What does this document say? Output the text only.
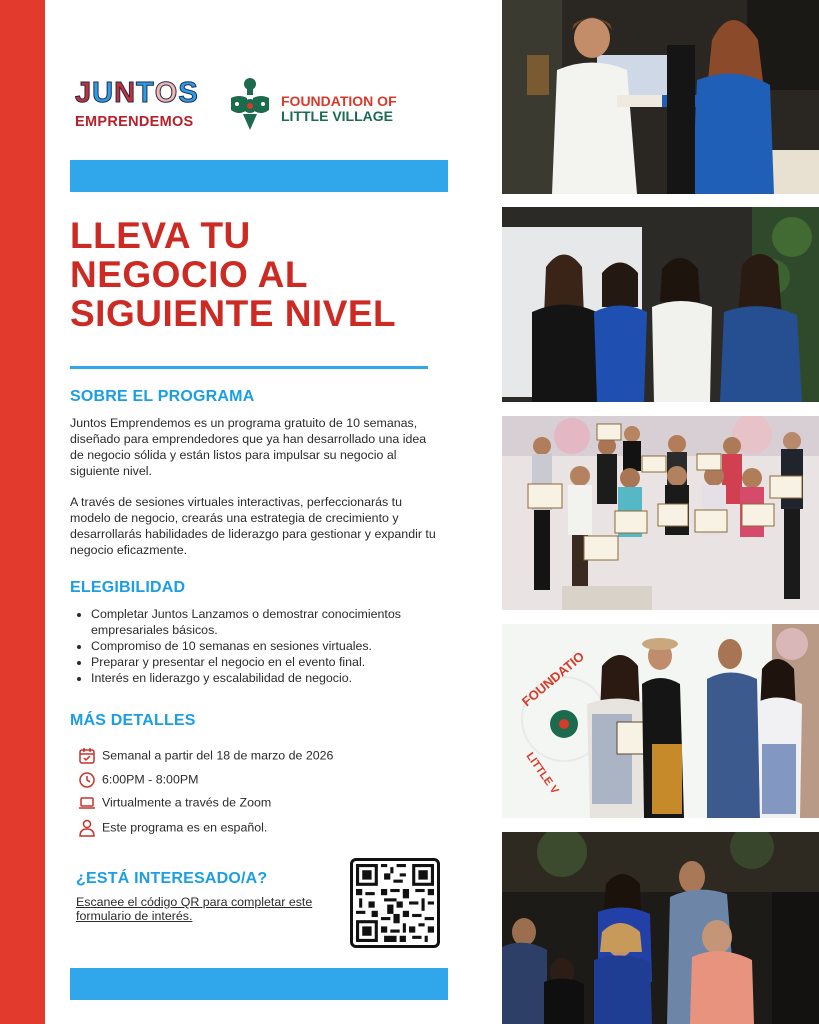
JUNTOS
EMPRENDEMOS
FOUNDATION OF
LITTLE VILLAGE
LLEVA TU
NEGOCIO AL
SIGUIENTE NIVEL
SOBRE EL PROGRAMA

Juntos Emprendemos es un programa gratuito de 10 semanas, diseñado para emprendedores que ya han desarrollado una idea de negocio sólida y están listos para impulsar su negocio al siguiente nivel.

A través de sesiones virtuales interactivas, perfeccionarás tu modelo de negocio, crearás una estrategia de crecimiento y desarrollarás habilidades de liderazgo para gestionar y expandir tu negocio eficazmente.

ELEGIBILIDAD
• Completar Juntos Lanzamos o demostrar conocimientos empresariales básicos.
• Compromiso de 10 semanas en sesiones virtuales.
• Preparar y presentar el negocio en el evento final.
• Interés en liderazgo y escalabilidad de negocio.
MÁS DETALLES
Semanal a partir del 18 de marzo de 2026
6:00PM - 8:00PM
Virtualmente a través de Zoom
Este programa es en español.
¿ESTÁ INTERESADO/A?
Escanee el código QR para completar este formulario de interés.
FOUNDATIO
LITTLE V
